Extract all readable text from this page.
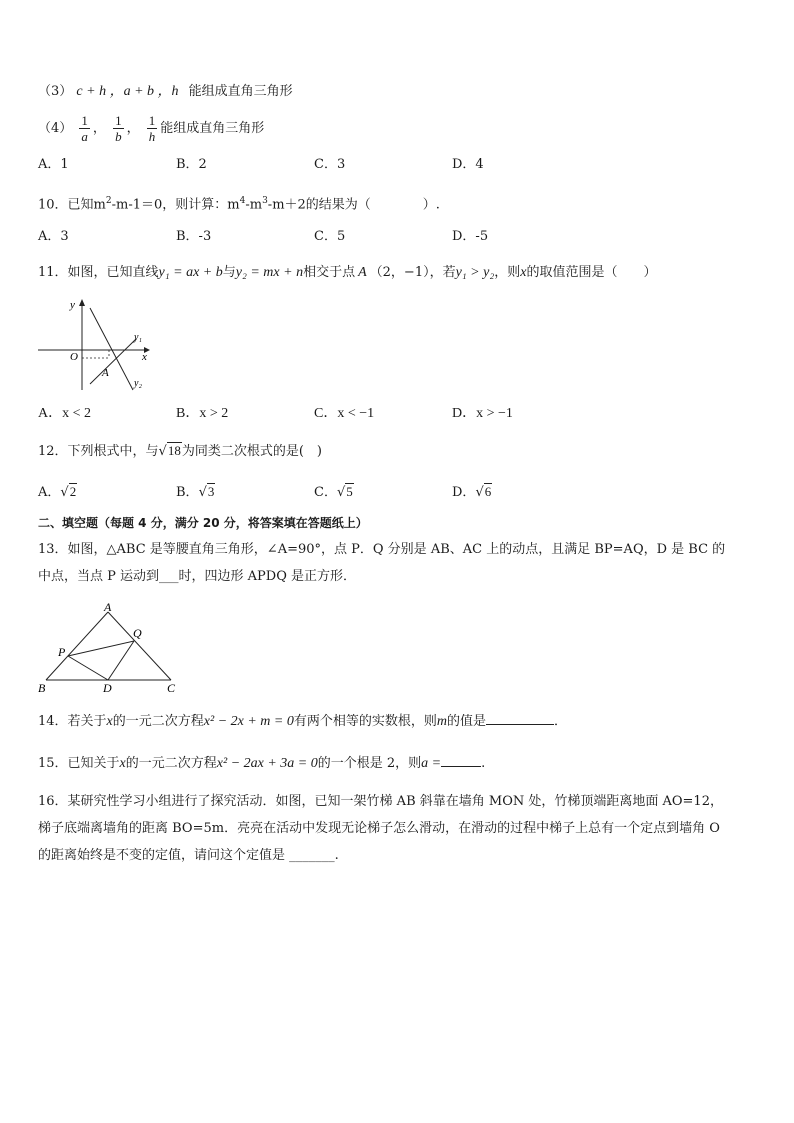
（3） c + h ，a + b ，h 能组成直角三角形
$(4) \frac{1}{a}$ ， $\frac{1}{b}$ ， $\frac{1}{h}$ 能组成直角三角形
A．1	B．2	C．3	D．4
10．已知$m^2-m-1=0$，则计算：$m^4-m^3-m+2$的结果为（　　　　）.
A．3	B．-3	C．5	D．-5
11．如图，已知直线y₁ = ax + b与y₂ = mx + n相交于点 A （2，−1），若y₁ > y₂，则x的取值范围是（　　）
y
x
O
A
y₁
y₂
A．x < 2	B．x > 2	C．x < −1	D．x > −1
12．下列根式中，与√18为同类二次根式的是(　)
A．√2	B．√3	C．√5	D．√6
二、填空题（每题 4 分，满分 20 分，将答案填在答题纸上）
13．如图，△ABC 是等腰直角三角形，∠A=90°，点 P．Q 分别是 AB、AC 上的动点，且满足 BP=AQ，D 是 BC 的
中点，当点 P 运动到___时，四边形 APDQ 是正方形．
A
B	C
D
P
Q
14．若关于x的一元二次方程x² − 2x + m = 0有两个相等的实数根，则m的值是	．
15．已知关于x的一元二次方程x² − 2ax + 3a = 0的一个根是 2，则a =	.
16．某研究性学习小组进行了探究活动．如图，已知一架竹梯 AB 斜靠在墙角 MON 处，竹梯顶端距离地面 AO=12，
梯子底端离墙角的距离 BO=5m．亮亮在活动中发现无论梯子怎么滑动，在滑动的过程中梯子上总有一个定点到墙角 O
的距离始终是不变的定值，请问这个定值是 _______.
